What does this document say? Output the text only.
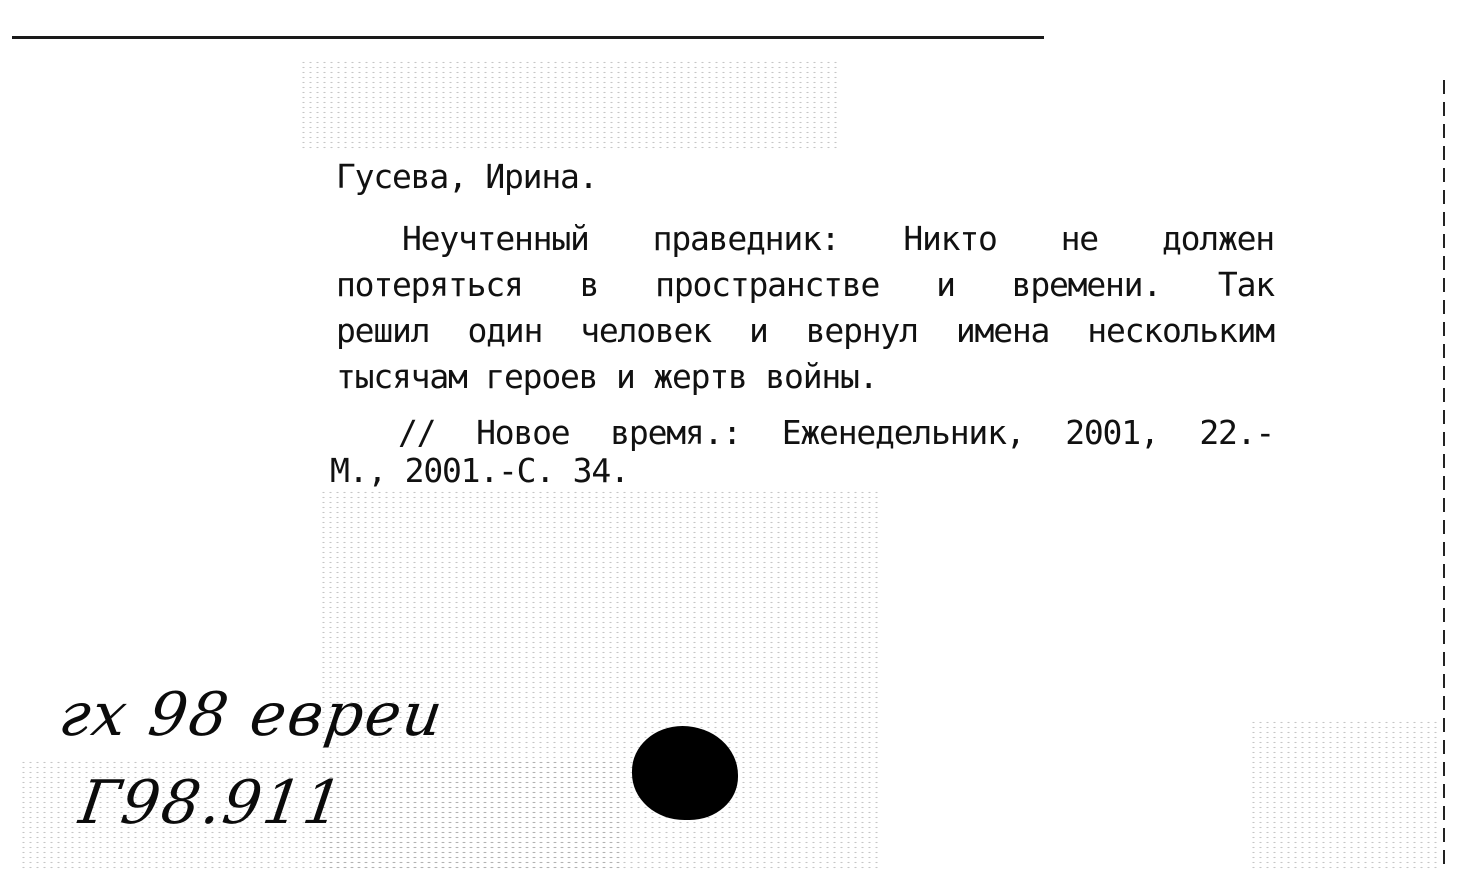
Гусева, Ирина.
Неучтенный праведник: Никто не должен
потеряться в пространстве и времени. Так
решил один человек и вернул имена нескольким
тысячам героев и жертв войны.
// Новое время.: Еженедельник, 2001, 22.-
М., 2001.-С. 34.
гх 98 евреи
Г98.911
